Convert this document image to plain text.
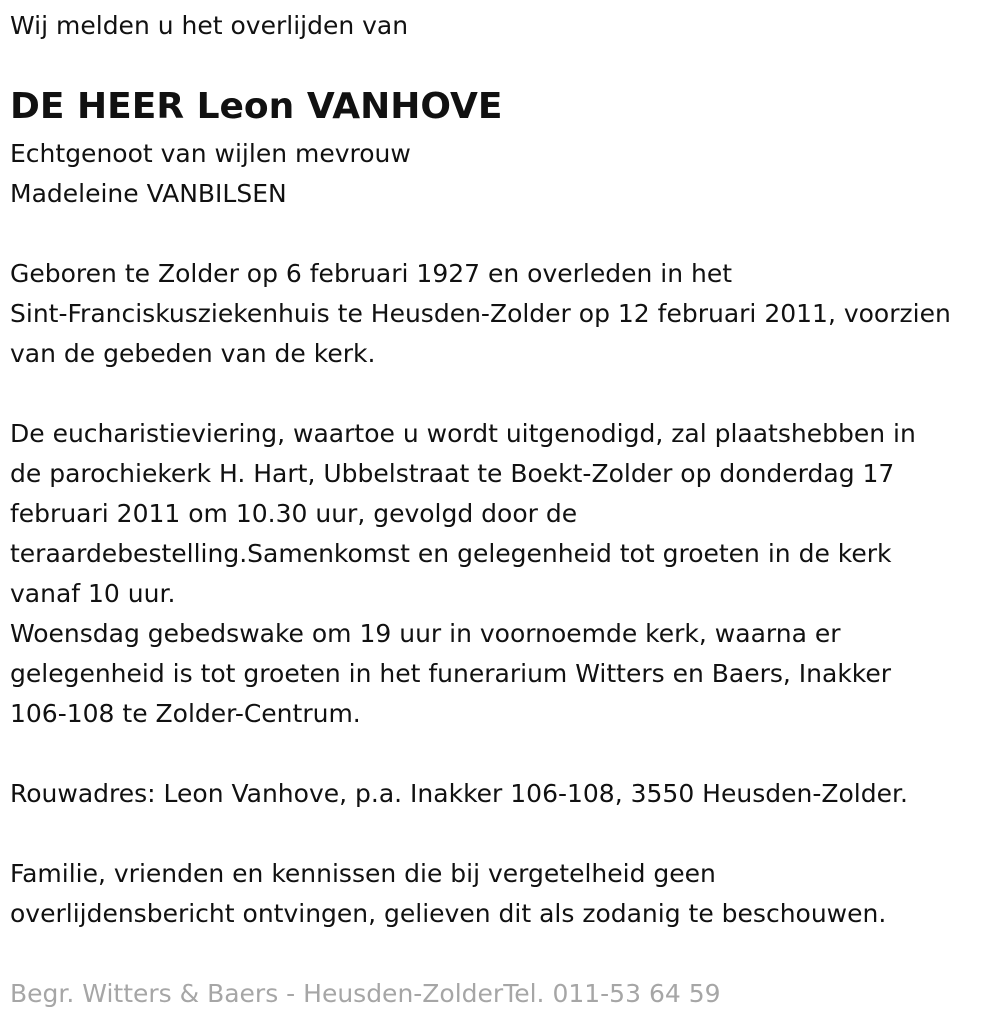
Wij melden u het overlijden van
DE HEER Leon VANHOVE
Echtgenoot van wijlen mevrouw
Madeleine VANBILSEN
Geboren te Zolder op 6 februari 1927 en overleden in het
Sint-Franciskusziekenhuis te Heusden-Zolder op 12 februari 2011, voorzien
van de gebeden van de kerk.
De eucharistieviering, waartoe u wordt uitgenodigd, zal plaatshebben in
de parochiekerk H. Hart, Ubbelstraat te Boekt-Zolder op donderdag 17
februari 2011 om 10.30 uur, gevolgd door de
teraardebestelling.Samenkomst en gelegenheid tot groeten in de kerk
vanaf 10 uur.
Woensdag gebedswake om 19 uur in voornoemde kerk, waarna er
gelegenheid is tot groeten in het funerarium Witters en Baers, Inakker
106-108 te Zolder-Centrum.
Rouwadres: Leon Vanhove, p.a. Inakker 106-108, 3550 Heusden-Zolder.
Familie, vrienden en kennissen die bij vergetelheid geen
overlijdensbericht ontvingen, gelieven dit als zodanig te beschouwen.
Begr. Witters & Baers - Heusden-ZolderTel. 011-53 64 59
